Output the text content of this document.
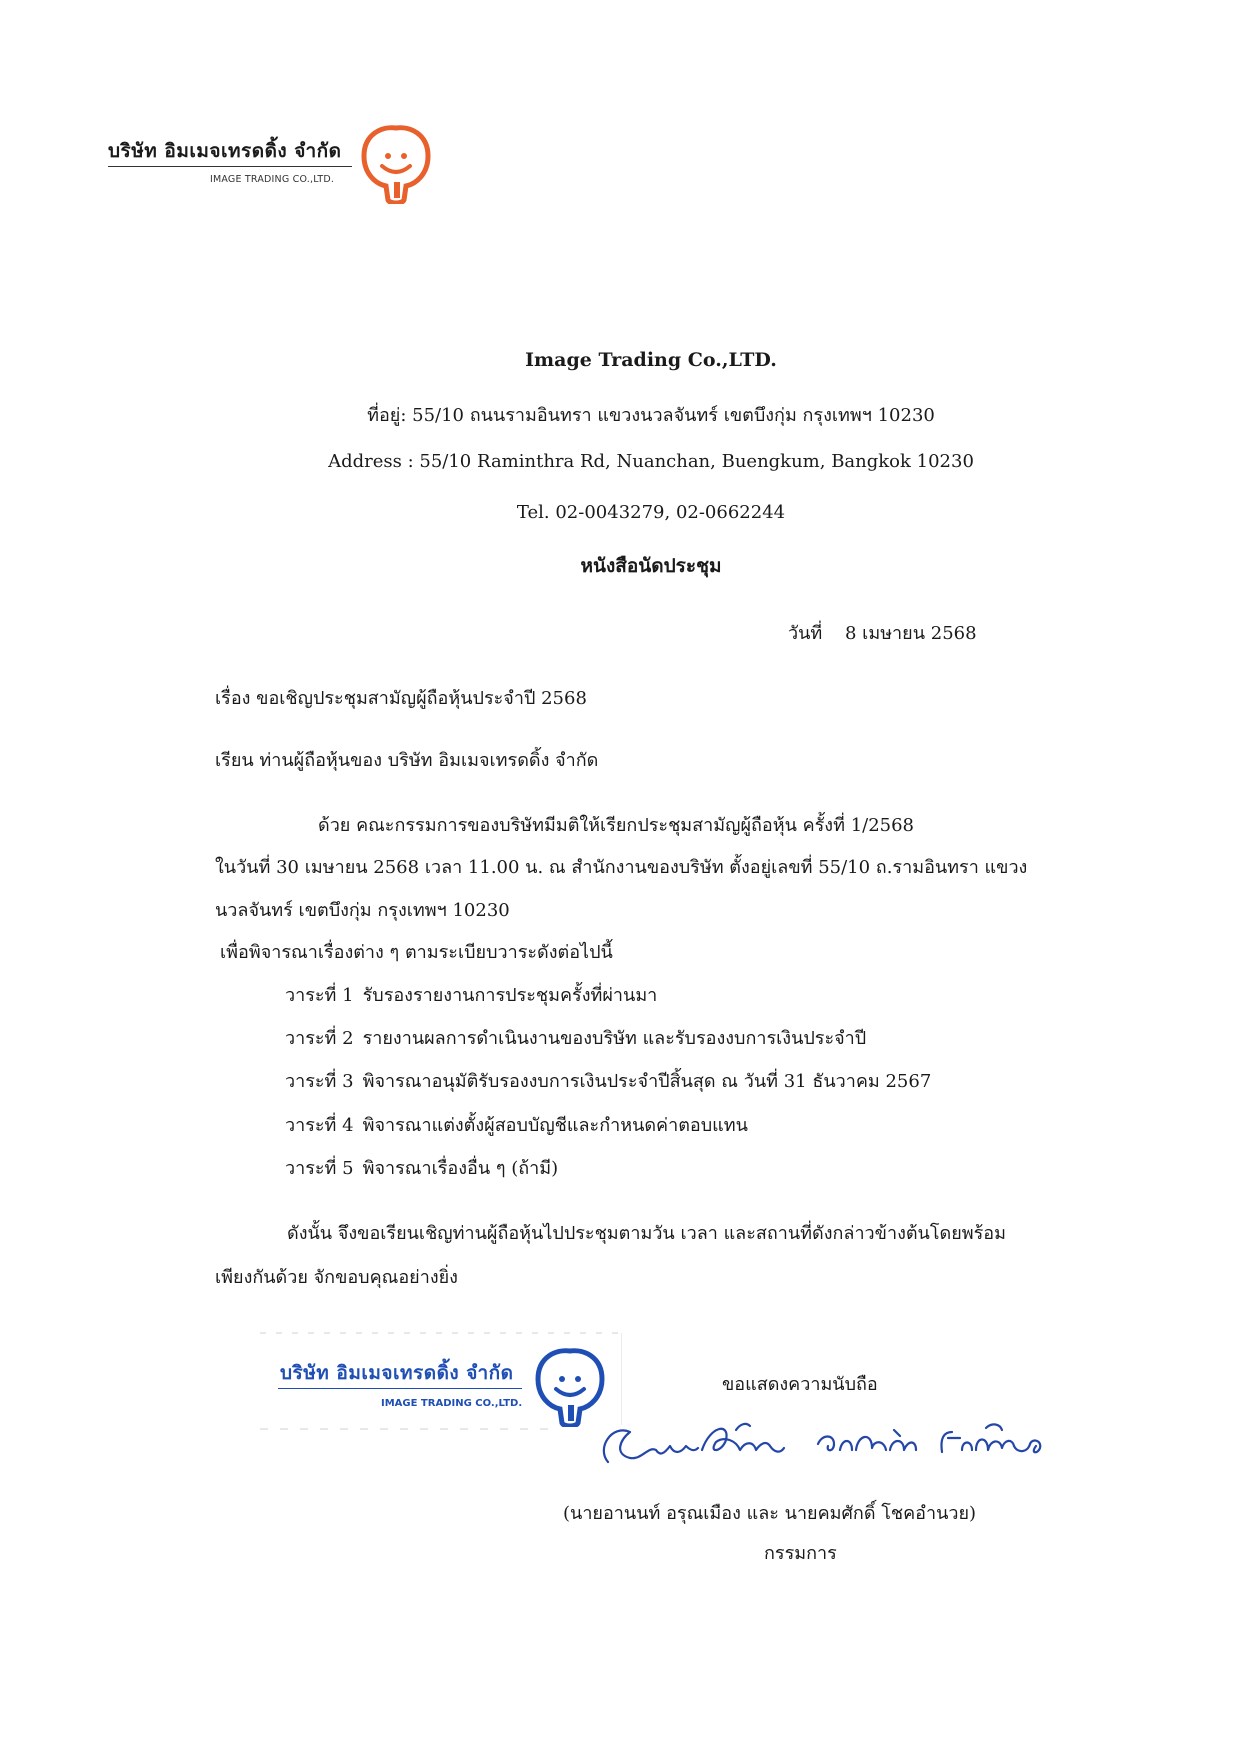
บริษัท อิมเมจเทรดดิ้ง จำกัด
IMAGE TRADING CO.,LTD.
Image Trading Co.,LTD.
ที่อยู่: 55/10 ถนนรามอินทรา แขวงนวลจันทร์ เขตบึงกุ่ม กรุงเทพฯ 10230
Address : 55/10 Raminthra Rd, Nuanchan, Buengkum, Bangkok 10230
Tel. 02-0043279, 02-0662244
หนังสือนัดประชุม
วันที่ 8 เมษายน 2568
เรื่อง ขอเชิญประชุมสามัญผู้ถือหุ้นประจำปี 2568
เรียน ท่านผู้ถือหุ้นของ บริษัท อิมเมจเทรดดิ้ง จำกัด
ด้วย คณะกรรมการของบริษัทมีมติให้เรียกประชุมสามัญผู้ถือหุ้น ครั้งที่ 1/2568
ในวันที่ 30 เมษายน 2568 เวลา 11.00 น. ณ สำนักงานของบริษัท ตั้งอยู่เลขที่ 55/10 ถ.รามอินทรา แขวง
นวลจันทร์ เขตบึงกุ่ม กรุงเทพฯ 10230
เพื่อพิจารณาเรื่องต่าง ๆ ตามระเบียบวาระดังต่อไปนี้
วาระที่ 1 รับรองรายงานการประชุมครั้งที่ผ่านมา
วาระที่ 2 รายงานผลการดำเนินงานของบริษัท และรับรองงบการเงินประจำปี
วาระที่ 3 พิจารณาอนุมัติรับรองงบการเงินประจำปีสิ้นสุด ณ วันที่ 31 ธันวาคม 2567
วาระที่ 4 พิจารณาแต่งตั้งผู้สอบบัญชีและกำหนดค่าตอบแทน
วาระที่ 5 พิจารณาเรื่องอื่น ๆ (ถ้ามี)
ดังนั้น จึงขอเรียนเชิญท่านผู้ถือหุ้นไปประชุมตามวัน เวลา และสถานที่ดังกล่าวข้างต้นโดยพร้อม
เพียงกันด้วย จักขอบคุณอย่างยิ่ง
บริษัท อิมเมจเทรดดิ้ง จำกัด
IMAGE TRADING CO.,LTD.
ขอแสดงความนับถือ
(นายอานนท์ อรุณเมือง และ นายคมศักดิ์ โชคอำนวย)
กรรมการ
